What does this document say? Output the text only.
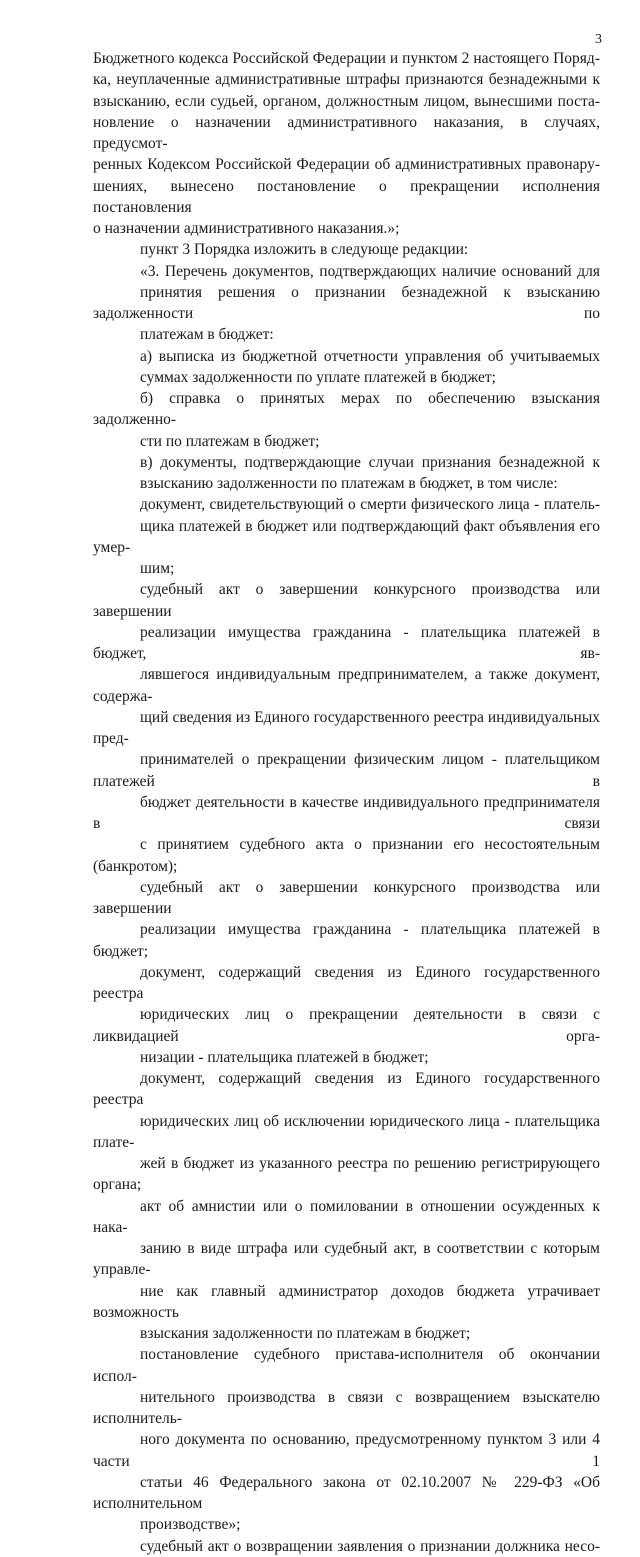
3

Бюджетного кодекса Российской Федерации и пунктом 2 настоящего Поряд-
ка, неуплаченные административные штрафы признаются безнадежными к
взысканию, если судьей, органом, должностным лицом, вынесшими поста-
новление о назначении административного наказания, в случаях, предусмот-
ренных Кодексом Российской Федерации об административных правонару-
шениях, вынесено постановление о прекращении исполнения постановления
о назначении административного наказания.»;

пункт 3 Порядка изложить в следующе редакции:

«3. Перечень документов, подтверждающих наличие оснований для
принятия решения о признании безнадежной к взысканию задолженности по
платежам в бюджет:

а) выписка из бюджетной отчетности управления об учитываемых
суммах задолженности по уплате платежей в бюджет;

б) справка о принятых мерах по обеспечению взыскания задолженно-
сти по платежам в бюджет;

в) документы, подтверждающие случаи признания безнадежной к
взысканию задолженности по платежам в бюджет, в том числе:

документ, свидетельствующий о смерти физического лица - платель-
щика платежей в бюджет или подтверждающий факт объявления его умер-
шим;

судебный акт о завершении конкурсного производства или завершении
реализации имущества гражданина - плательщика платежей в бюджет, яв-
лявшегося индивидуальным предпринимателем, а также документ, содержа-
щий сведения из Единого государственного реестра индивидуальных пред-
принимателей о прекращении физическим лицом - плательщиком платежей в
бюджет деятельности в качестве индивидуального предпринимателя в связи
с принятием судебного акта о признании его несостоятельным (банкротом);

судебный акт о завершении конкурсного производства или завершении
реализации имущества гражданина - плательщика платежей в бюджет;

документ, содержащий сведения из Единого государственного реестра
юридических лиц о прекращении деятельности в связи с ликвидацией орга-
низации - плательщика платежей в бюджет;

документ, содержащий сведения из Единого государственного реестра
юридических лиц об исключении юридического лица - плательщика плате-
жей в бюджет из указанного реестра по решению регистрирующего органа;

акт об амнистии или о помиловании в отношении осужденных к нака-
занию в виде штрафа или судебный акт, в соответствии с которым управле-
ние как главный администратор доходов бюджета утрачивает возможность
взыскания задолженности по платежам в бюджет;

постановление судебного пристава-исполнителя об окончании испол-
нительного производства в связи с возвращением взыскателю исполнитель-
ного документа по основанию, предусмотренному пунктом 3 или 4 части 1
статьи 46 Федерального закона от 02.10.2007 № 229-ФЗ «Об исполнительном
производстве»;

судебный акт о возвращении заявления о признании должника несо-
